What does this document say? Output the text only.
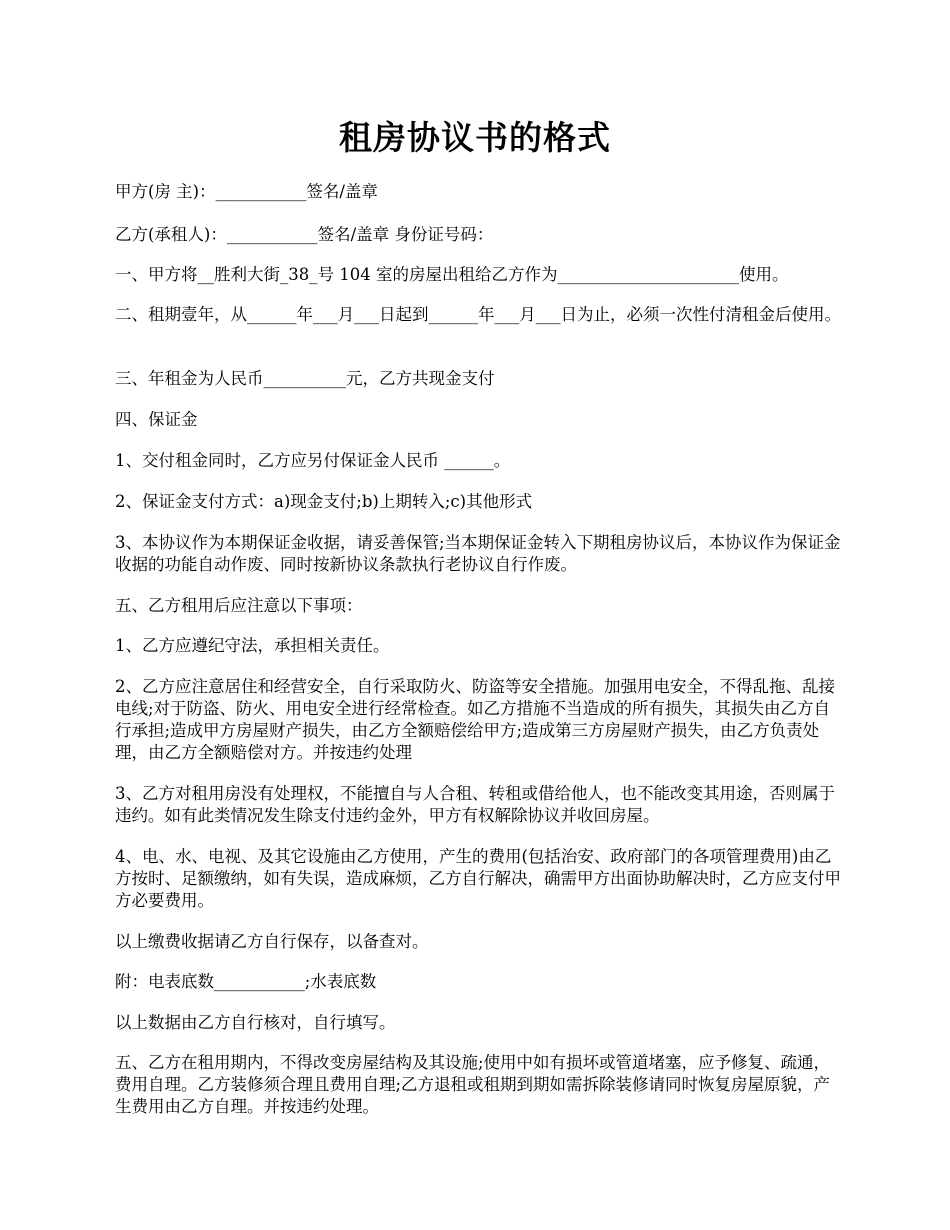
租房协议书的格式
甲方(房 主)：___________签名/盖章
乙方(承租人)：___________签名/盖章 身份证号码：
一、甲方将__胜利大街_38_号 104 室的房屋出租给乙方作为______________________使用。
二、租期壹年，从______年___月___日起到______年___月___日为止，必须一次性付清租金后使用。
三、年租金为人民币__________元，乙方共现金支付
四、保证金
1、交付租金同时，乙方应另付保证金人民币 ______。
2、保证金支付方式：a)现金支付;b)上期转入;c)其他形式
3、本协议作为本期保证金收据，请妥善保管;当本期保证金转入下期租房协议后，本协议作为保证金收据的功能自动作废、同时按新协议条款执行老协议自行作废。
五、乙方租用后应注意以下事项：
1、乙方应遵纪守法，承担相关责任。
2、乙方应注意居住和经营安全，自行采取防火、防盗等安全措施。加强用电安全，不得乱拖、乱接电线;对于防盗、防火、用电安全进行经常检查。如乙方措施不当造成的所有损失，其损失由乙方自行承担;造成甲方房屋财产损失，由乙方全额赔偿给甲方;造成第三方房屋财产损失，由乙方负责处理，由乙方全额赔偿对方。并按违约处理
3、乙方对租用房没有处理权，不能擅自与人合租、转租或借给他人，也不能改变其用途，否则属于违约。如有此类情况发生除支付违约金外，甲方有权解除协议并收回房屋。
4、电、水、电视、及其它设施由乙方使用，产生的费用(包括治安、政府部门的各项管理费用)由乙方按时、足额缴纳，如有失误，造成麻烦，乙方自行解决，确需甲方出面协助解决时，乙方应支付甲方必要费用。
以上缴费收据请乙方自行保存，以备查对。
附：电表底数___________;水表底数
以上数据由乙方自行核对，自行填写。
五、乙方在租用期内，不得改变房屋结构及其设施;使用中如有损坏或管道堵塞，应予修复、疏通，费用自理。乙方装修须合理且费用自理;乙方退租或租期到期如需拆除装修请同时恢复房屋原貌，产生费用由乙方自理。并按违约处理。
